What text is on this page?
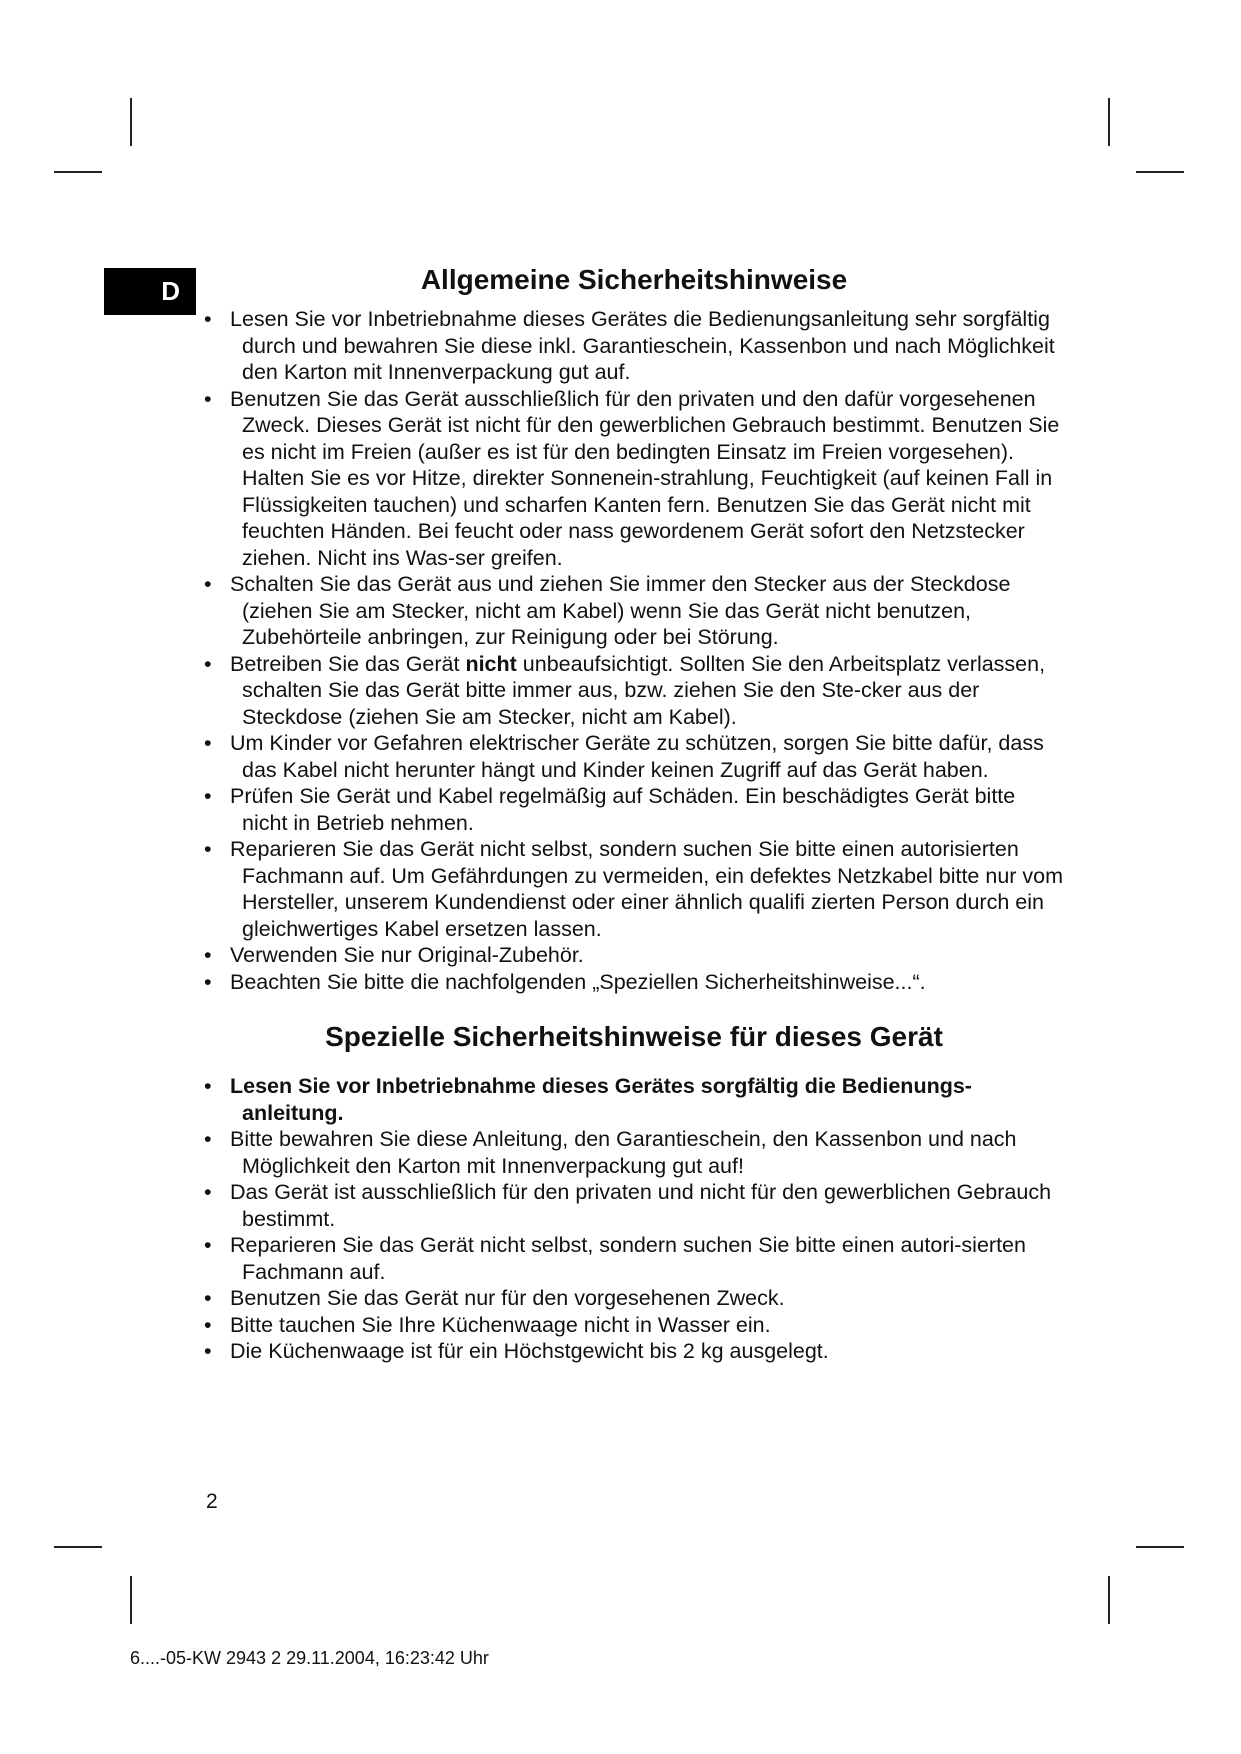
D	Allgemeine Sicherheitshinweise
• Lesen Sie vor Inbetriebnahme dieses Gerätes die Bedienungsanleitung sehr sorgfältig durch und bewahren Sie diese inkl. Garantieschein, Kassenbon und nach Möglichkeit den Karton mit Innenverpackung gut auf.
• Benutzen Sie das Gerät ausschließlich für den privaten und den dafür vorgesehenen Zweck. Dieses Gerät ist nicht für den gewerblichen Gebrauch bestimmt. Benutzen Sie es nicht im Freien (außer es ist für den bedingten Einsatz im Freien vorgesehen). Halten Sie es vor Hitze, direkter Sonnenein-strahlung, Feuchtigkeit (auf keinen Fall in Flüssigkeiten tauchen) und scharfen Kanten fern. Benutzen Sie das Gerät nicht mit feuchten Händen. Bei feucht oder nass gewordenem Gerät sofort den Netzstecker ziehen. Nicht ins Was-ser greifen.
• Schalten Sie das Gerät aus und ziehen Sie immer den Stecker aus der Steckdose (ziehen Sie am Stecker, nicht am Kabel) wenn Sie das Gerät nicht benutzen, Zubehörteile anbringen, zur Reinigung oder bei Störung.
• Betreiben Sie das Gerät nicht unbeaufsichtigt. Sollten Sie den Arbeitsplatz verlassen, schalten Sie das Gerät bitte immer aus, bzw. ziehen Sie den Ste-cker aus der Steckdose (ziehen Sie am Stecker, nicht am Kabel).
• Um Kinder vor Gefahren elektrischer Geräte zu schützen, sorgen Sie bitte dafür, dass das Kabel nicht herunter hängt und Kinder keinen Zugriff auf das Gerät haben.
• Prüfen Sie Gerät und Kabel regelmäßig auf Schäden. Ein beschädigtes Gerät bitte nicht in Betrieb nehmen.
• Reparieren Sie das Gerät nicht selbst, sondern suchen Sie bitte einen autorisierten Fachmann auf. Um Gefährdungen zu vermeiden, ein defektes Netzkabel bitte nur vom Hersteller, unserem Kundendienst oder einer ähnlich qualifi zierten Person durch ein gleichwertiges Kabel ersetzen lassen.
• Verwenden Sie nur Original-Zubehör.
• Beachten Sie bitte die nachfolgenden „Speziellen Sicherheitshinweise...“.
Spezielle Sicherheitshinweise für dieses Gerät
• Lesen Sie vor Inbetriebnahme dieses Gerätes sorgfältig die Bedienungs-anleitung.
• Bitte bewahren Sie diese Anleitung, den Garantieschein, den Kassenbon und nach Möglichkeit den Karton mit Innenverpackung gut auf!
• Das Gerät ist ausschließlich für den privaten und nicht für den gewerblichen Gebrauch bestimmt.
• Reparieren Sie das Gerät nicht selbst, sondern suchen Sie bitte einen autori-sierten Fachmann auf.
• Benutzen Sie das Gerät nur für den vorgesehenen Zweck.
• Bitte tauchen Sie Ihre Küchenwaage nicht in Wasser ein.
• Die Küchenwaage ist für ein Höchstgewicht bis 2 kg ausgelegt.
2
6....-05-KW 2943 2 29.11.2004, 16:23:42 Uhr
